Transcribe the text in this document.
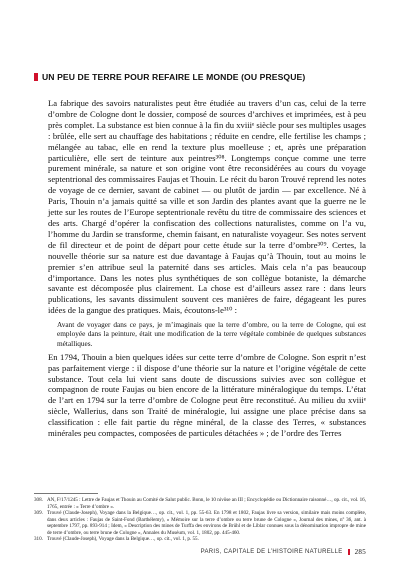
UN PEU DE TERRE POUR REFAIRE LE MONDE (OU PRESQUE)

La fabrique des savoirs naturalistes peut être étudiée au travers d’un cas, celui de la terre d’ombre de Cologne dont le dossier, composé de sources d’archives et imprimées, est à peu près complet. La substance est bien connue à la fin du xviiiᵉ siècle pour ses multiples usages : brûlée, elle sert au chauffage des habitations ; réduite en cendre, elle fertilise les champs ; mélangée au tabac, elle en rend la texture plus moelleuse ; et, après une préparation particulière, elle sert de teinture aux peintres³⁰⁸. Longtemps conçue comme une terre purement minérale, sa nature et son origine vont être reconsidérées au cours du voyage septentrional des commissaires Faujas et Thouin. Le récit du baron Trouvé reprend les notes de voyage de ce dernier, savant de cabinet — ou plutôt de jardin — par excellence. Né à Paris, Thouin n’a jamais quitté sa ville et son Jardin des plantes avant que la guerre ne le jette sur les routes de l’Europe septentrionale revêtu du titre de commissaire des sciences et des arts. Chargé d’opérer la confiscation des collections naturalistes, comme on l’a vu, l’homme du Jardin se transforme, chemin faisant, en naturaliste voyageur. Ses notes servent de fil directeur et de point de départ pour cette étude sur la terre d’ombre³⁰⁹. Certes, la nouvelle théorie sur sa nature est due davantage à Faujas qu’à Thouin, tout au moins le premier s’en attribue seul la paternité dans ses articles. Mais cela n’a pas beaucoup d’importance. Dans les notes plus synthétiques de son collègue botaniste, la démarche savante est décomposée plus clairement. La chose est d’ailleurs assez rare : dans leurs publications, les savants dissimulent souvent ces manières de faire, dégageant les pures idées de la gangue des pratiques. Mais, écoutons-le³¹⁰ :

Avant de voyager dans ce pays, je m’imaginais que la terre d’ombre, ou la terre de Cologne, qui est employée dans la peinture, était une modification de la terre végétale combinée de quelques substances métalliques.

En 1794, Thouin a bien quelques idées sur cette terre d’ombre de Cologne. Son esprit n’est pas parfaitement vierge : il dispose d’une théorie sur la nature et l’origine végétale de cette substance. Tout cela lui vient sans doute de discussions suivies avec son collègue et compagnon de route Faujas ou bien encore de la littérature minéralogique du temps. L’état de l’art en 1794 sur la terre d’ombre de Cologne peut être reconstitué. Au milieu du xviiiᵉ siècle, Wallerius, dans son Traité de minéralogie, lui assigne une place précise dans sa classification : elle fait partie du règne minéral, de la classe des Terres, « substances minérales peu compactes, composées de particules détachées » ; de l’ordre des Terres

308. AN, F/17/1245 : Lettre de Faujas et Thouin au Comité de Salut public. Bonn, le 10 nivôse an III ; Encyclopédie ou Dictionnaire raisonné…, op. cit., vol. 16, 1765, entrée : « Terre d’ombre ».
309. Trouvé (Claude-Joseph), Voyage dans la Belgique…, op. cit., vol. 1, pp. 55-63. En 1798 et 1802, Faujas livre sa version, similaire mais moins complète, dans deux articles : Faujas de Saint-Fond (Barthélemy), « Mémoire sur la terre d’ombre ou terre brune de Cologne », Journal des mines, nº 36, ant. à septembre 1797, pp. 893-914 ; Idem, « Description des mines de Turffa des environs de Brühl et de Liblar connues sous la dénomination impropre de mine de terre d’ombre, ou terre brune de Cologne », Annales du Muséum, vol. 1, 1802, pp. 445-460.
310. Trouvé (Claude-Joseph), Voyage dans la Belgique…, op. cit., vol. 1, p. 55.
PARIS, CAPITALE DE L’HISTOIRE NATURELLE 285
